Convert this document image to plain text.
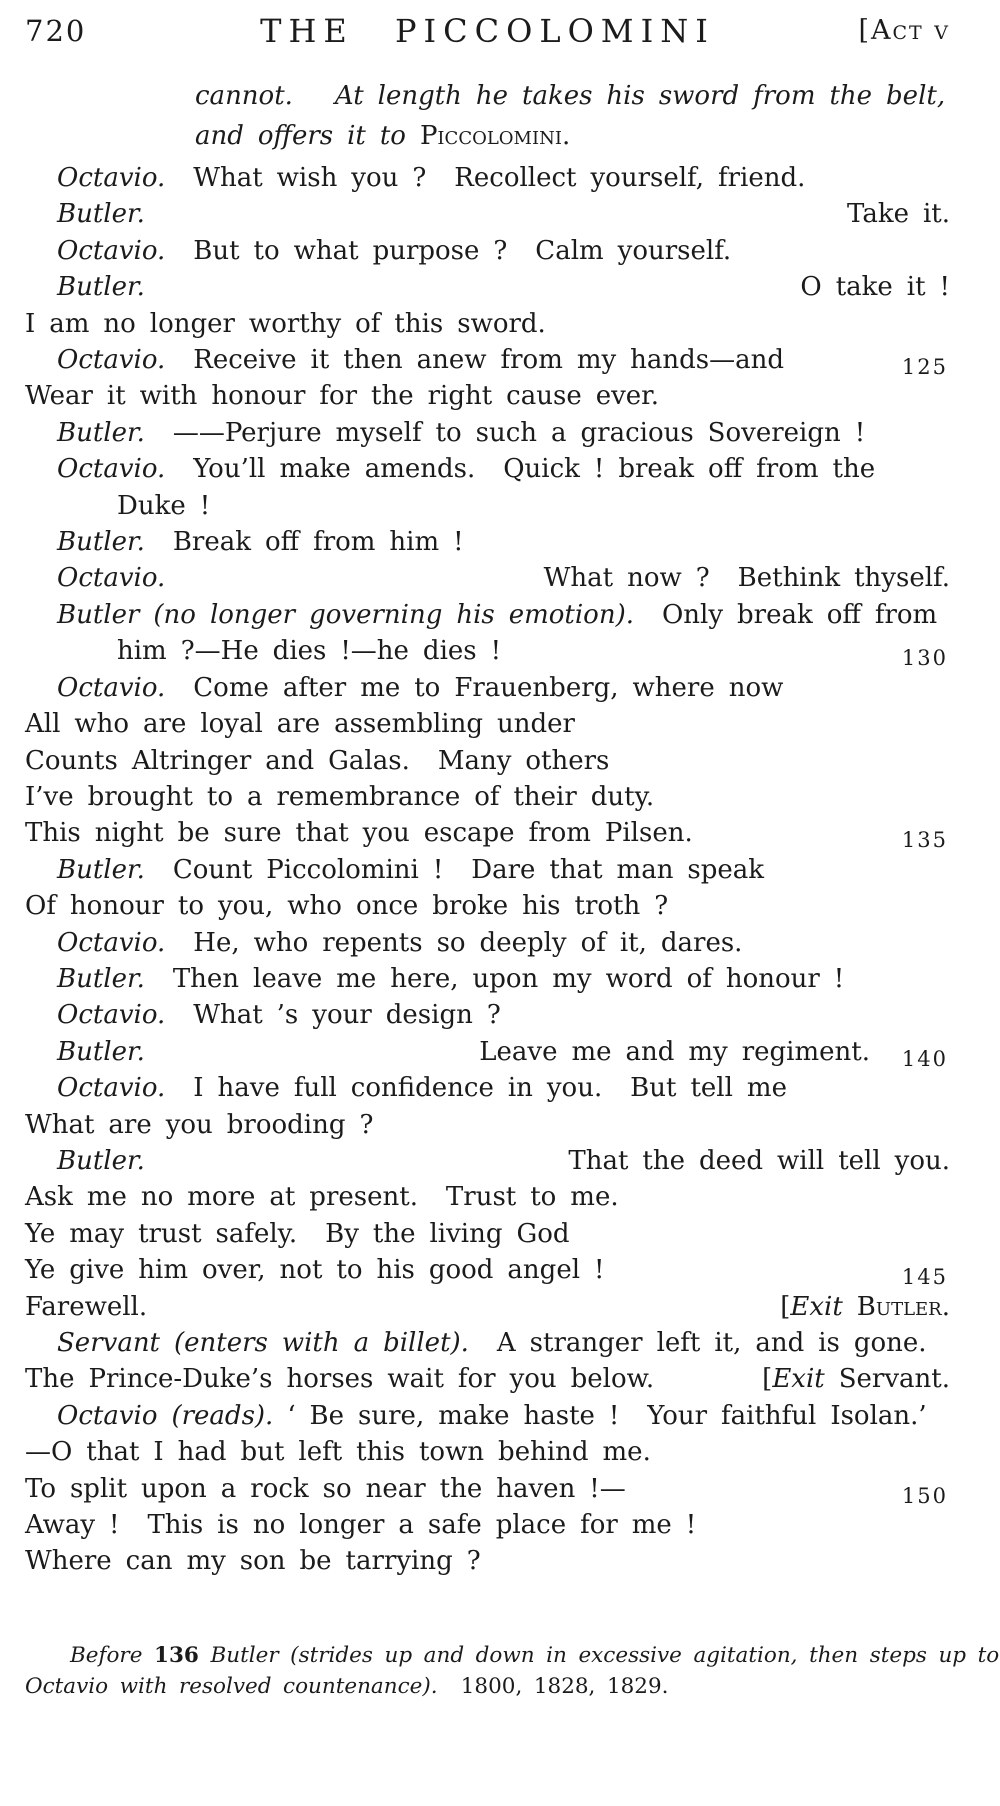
720	THE PICCOLOMINI	[Act v
cannot.   At length he takes his sword from the belt,
and offers it to Piccolomini.
Octavio.  What wish you ?  Recollect yourself, friend.
Butler.	Take it.
Octavio.  But to what purpose ?  Calm yourself.
Butler.	O take it !
I am no longer worthy of this sword.
Octavio.  Receive it then anew from my hands—and	125
Wear it with honour for the right cause ever.
Butler.  ——Perjure myself to such a gracious Sovereign !
Octavio.  You’ll make amends.  Quick ! break off from the
Duke !
Butler.  Break off from him !
Octavio.	What now ?  Bethink thyself.
Butler (no longer governing his emotion).  Only break off from
him ?—He dies !—he dies !	130
Octavio.  Come after me to Frauenberg, where now
All who are loyal are assembling under
Counts Altringer and Galas.  Many others
I’ve brought to a remembrance of their duty.
This night be sure that you escape from Pilsen.	135
Butler.  Count Piccolomini !  Dare that man speak
Of honour to you, who once broke his troth ?
Octavio.  He, who repents so deeply of it, dares.
Butler.  Then leave me here, upon my word of honour !
Octavio.  What ’s your design ?
Butler.	Leave me and my regiment. 140
Octavio.  I have full confidence in you.  But tell me
What are you brooding ?
Butler.	That the deed will tell you.
Ask me no more at present.  Trust to me.
Ye may trust safely.  By the living God
Ye give him over, not to his good angel !	145
Farewell.	[Exit Butler.
Servant (enters with a billet).  A stranger left it, and is gone.
The Prince-Duke’s horses wait for you below.	[Exit Servant.
Octavio (reads). ‘ Be sure, make haste !  Your faithful Isolan.’
—O that I had but left this town behind me.
To split upon a rock so near the haven !—	150
Away !  This is no longer a safe place for me !
Where can my son be tarrying ?
Before 136 Butler (strides up and down in excessive agitation, then steps up to
Octavio with resolved countenance).  1800, 1828, 1829.
